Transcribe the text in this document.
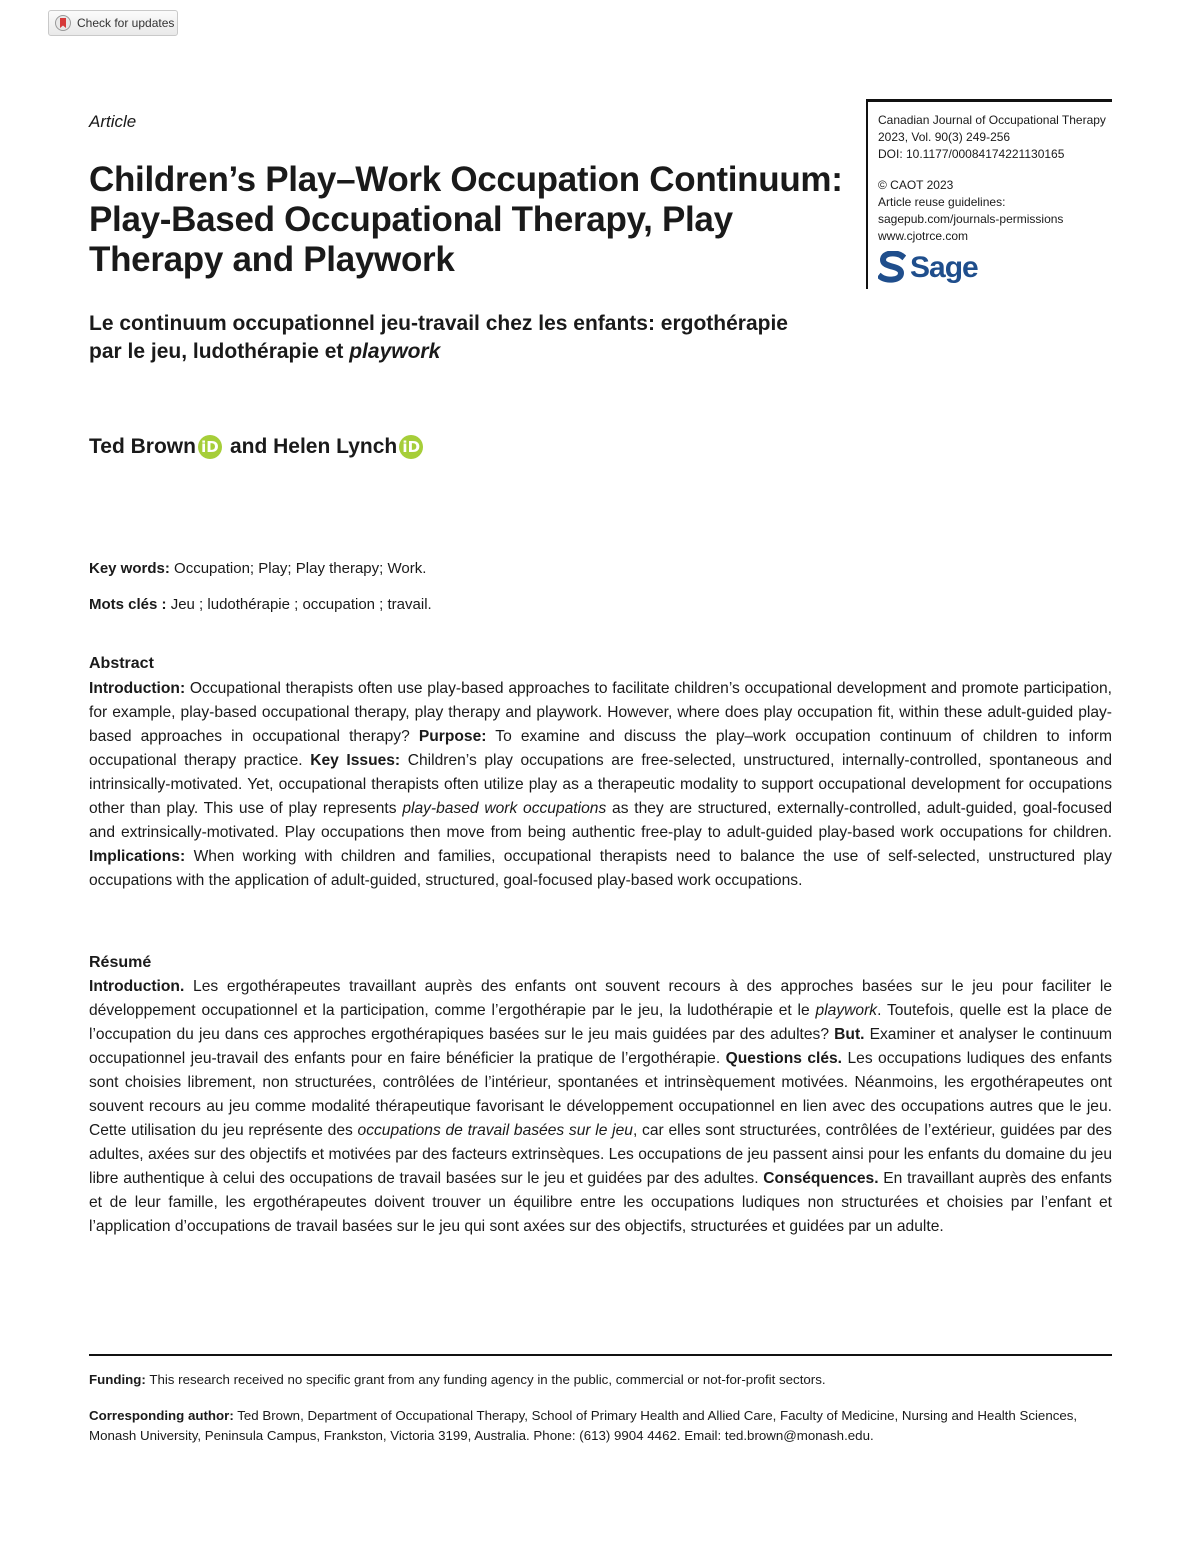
Check for updates
Article	Canadian Journal of Occupational Therapy
2023, Vol. 90(3) 249-256
DOI: 10.1177/00084174221130165
© CAOT 2023
Article reuse guidelines:
sagepub.com/journals-permissions
www.cjotrce.com
Sage
Children’s Play–Work Occupation Continuum:
Play-Based Occupational Therapy, Play
Therapy and Playwork
Le continuum occupationnel jeu-travail chez les enfants: ergothérapie
par le jeu, ludothérapie et playwork
Ted Brown iD and Helen Lynch iD
Key words: Occupation; Play; Play therapy; Work.
Mots clés : Jeu ; ludothérapie ; occupation ; travail.
Abstract

Introduction: Occupational therapists often use play-based approaches to facilitate children’s occupational development and promote participation, for example, play-based occupational therapy, play therapy and playwork. However, where does play occupation fit, within these adult-guided play-based approaches in occupational therapy? Purpose: To examine and discuss the play–work occupation continuum of children to inform occupational therapy practice. Key Issues: Children’s play occupations are free-selected, unstructured, internally-controlled, spontaneous and intrinsically-motivated. Yet, occupational therapists often utilize play as a therapeutic modality to support occupational development for occupations other than play. This use of play represents play-based work occupations as they are structured, externally-controlled, adult-guided, goal-focused and extrinsically-motivated. Play occupations then move from being authentic free-play to adult-guided play-based work occupations for children. Implications: When working with children and families, occupational therapists need to balance the use of self-selected, unstructured play occupations with the application of adult-guided, structured, goal-focused play-based work occupations.

Résumé

Introduction. Les ergothérapeutes travaillant auprès des enfants ont souvent recours à des approches basées sur le jeu pour faciliter le développement occupationnel et la participation, comme l’ergothérapie par le jeu, la ludothérapie et le playwork. Toutefois, quelle est la place de l’occupation du jeu dans ces approches ergothérapiques basées sur le jeu mais guidées par des adultes? But. Examiner et analyser le continuum occupationnel jeu-travail des enfants pour en faire bénéficier la pratique de l’ergothérapie. Questions clés. Les occupations ludiques des enfants sont choisies librement, non structurées, contrôlées de l’intérieur, spontanées et intrinsèquement motivées. Néanmoins, les ergothérapeutes ont souvent recours au jeu comme modalité thérapeutique favorisant le développement occupationnel en lien avec des occupations autres que le jeu. Cette utilisation du jeu représente des occupations de travail basées sur le jeu, car elles sont structurées, contrôlées de l’extérieur, guidées par des adultes, axées sur des objectifs et motivées par des facteurs extrinsèques. Les occupations de jeu passent ainsi pour les enfants du domaine du jeu libre authentique à celui des occupations de travail basées sur le jeu et guidées par des adultes. Conséquences. En travaillant auprès des enfants et de leur famille, les ergothérapeutes doivent trouver un équilibre entre les occupations ludiques non structurées et choisies par l’enfant et l’application d’occupations de travail basées sur le jeu qui sont axées sur des objectifs, structurées et guidées par un adulte.

Funding: This research received no specific grant from any funding agency in the public, commercial or not-for-profit sectors.

Corresponding author: Ted Brown, Department of Occupational Therapy, School of Primary Health and Allied Care, Faculty of Medicine, Nursing and Health Sciences, Monash University, Peninsula Campus, Frankston, Victoria 3199, Australia. Phone: (613) 9904 4462. Email: ted.brown@monash.edu.
